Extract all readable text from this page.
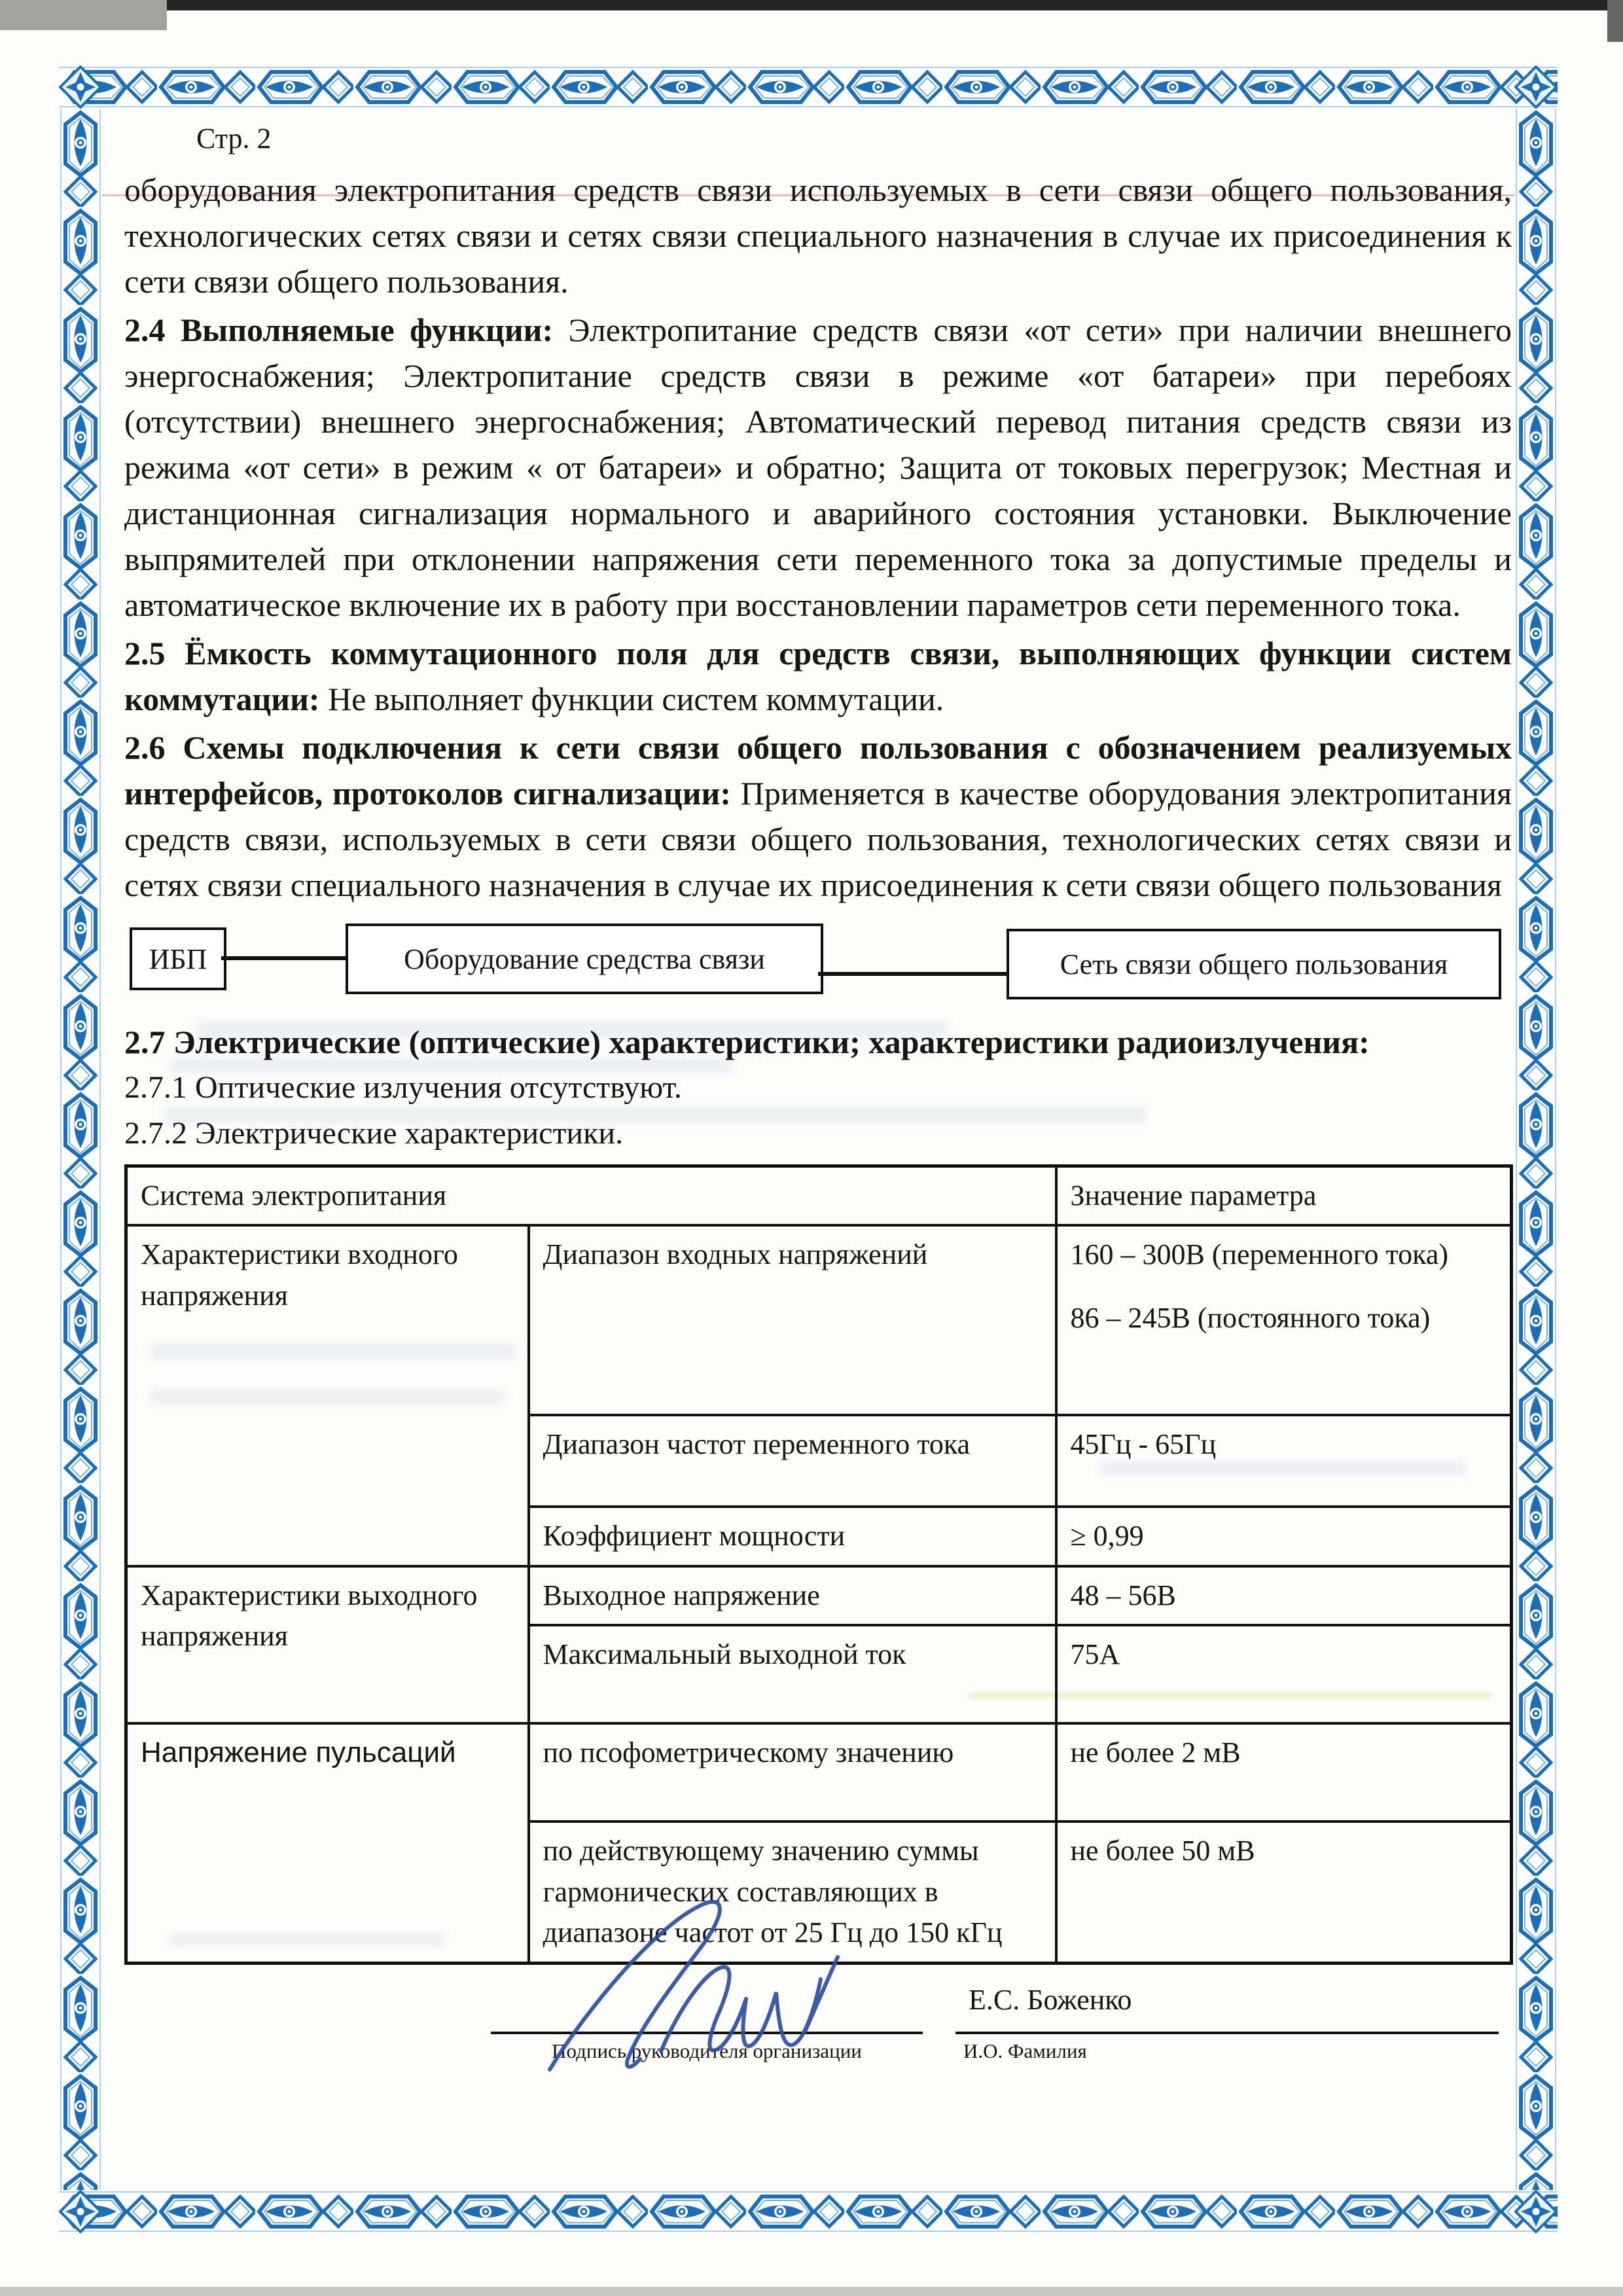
Стр. 2

оборудования электропитания средств связи используемых в сети связи общего пользования, технологических сетях связи и сетях связи специального назначения в случае их присоединения к сети связи общего пользования.

2.4 Выполняемые функции: Электропитание средств связи «от сети» при наличии внешнего энергоснабжения; Электропитание средств связи в режиме «от батареи» при перебоях (отсутствии) внешнего энергоснабжения; Автоматический перевод питания средств связи из режима «от сети» в режим « от батареи» и обратно; Защита от токовых перегрузок; Местная и дистанционная сигнализация нормального и аварийного состояния установки. Выключение выпрямителей при отклонении напряжения сети переменного тока за допустимые пределы и автоматическое включение их в работу при восстановлении параметров сети переменного тока.

2.5 Ёмкость коммутационного поля для средств связи, выполняющих функции систем коммутации: Не выполняет функции систем коммутации.

2.6 Схемы подключения к сети связи общего пользования с обозначением реализуемых интерфейсов, протоколов сигнализации: Применяется в качестве оборудования электропитания средств связи, используемых в сети связи общего пользования, технологических сетях связи и сетях связи специального назначения в случае их присоединения к сети связи общего пользования

ИБП	Оборудование средства связи	Сеть связи общего пользования

2.7 Электрические (оптические) характеристики; характеристики радиоизлучения:

2.7.1 Оптические излучения отсутствуют.

2.7.2 Электрические характеристики.

Система электропитания		Значение параметра
Характеристики входного напряжения	Диапазон входных напряжений	160 – 300В (переменного тока)
86 – 245В (постоянного тока)

	Диапазон частот переменного тока	45Гц - 65Гц
	Коэффициент мощности	≥ 0,99
Характеристики выходного напряжения	Выходное напряжение	48 – 56В
	Максимальный выходной ток	75А
Напряжение пульсаций	по псофометрическому значению	не более 2 мВ
	по действующему значению суммы гармонических составляющих в диапазоне частот от 25 Гц до 150 кГц	не более 50 мВ
Подпись руководителя организации
Е.С. Боженко
И.О. Фамилия
